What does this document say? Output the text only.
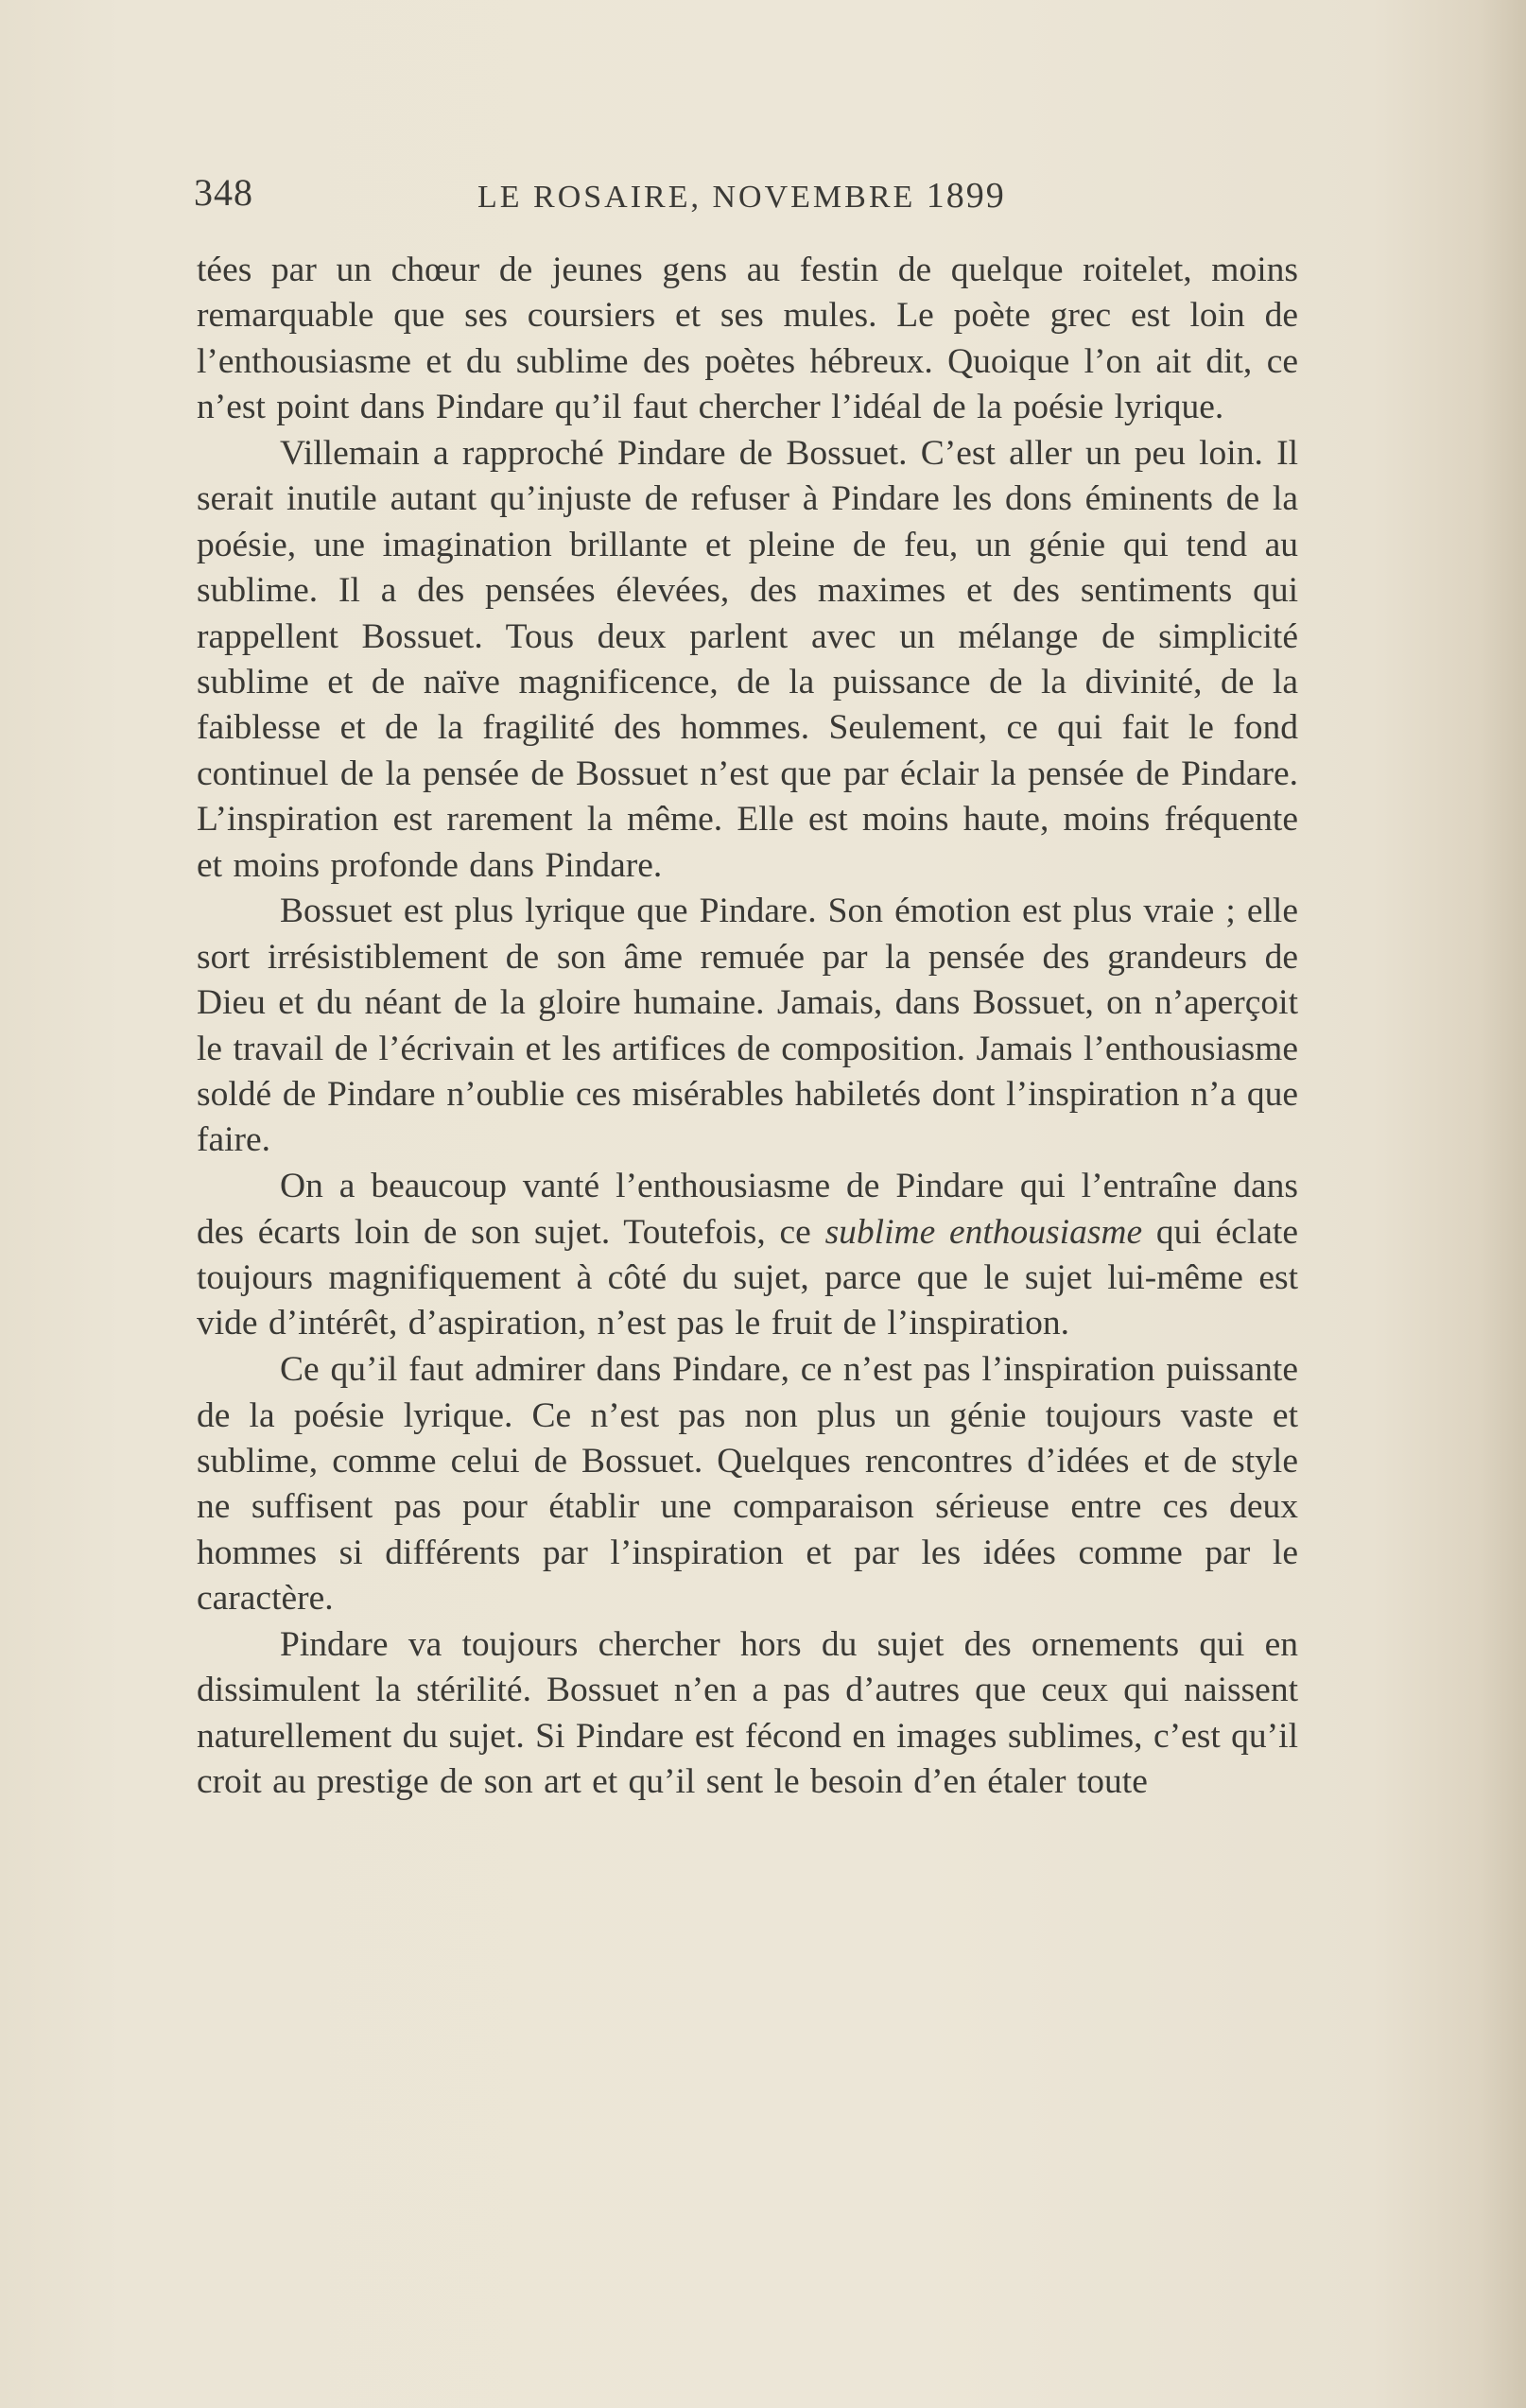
348	LE ROSAIRE, NOVEMBRE 1899

tées par un chœur de jeunes gens au festin de quelque roitelet, moins remarquable que ses coursiers et ses mules. Le poète grec est loin de l’enthousiasme et du sublime des poètes hébreux. Quoique l’on ait dit, ce n’est point dans Pindare qu’il faut chercher l’idéal de la poésie lyrique.

Villemain a rapproché Pindare de Bossuet. C’est aller un peu loin. Il serait inutile autant qu’injuste de refuser à Pindare les dons éminents de la poésie, une imagination brillante et pleine de feu, un génie qui tend au sublime. Il a des pensées élevées, des maximes et des sentiments qui rappellent Bossuet. Tous deux parlent avec un mélange de simplicité sublime et de naïve magnificence, de la puissance de la divinité, de la faiblesse et de la fragilité des hommes. Seulement, ce qui fait le fond continuel de la pensée de Bossuet n’est que par éclair la pensée de Pindare. L’inspiration est rarement la même. Elle est moins haute, moins fréquente et moins profonde dans Pindare.

Bossuet est plus lyrique que Pindare. Son émotion est plus vraie ; elle sort irrésistiblement de son âme remuée par la pensée des grandeurs de Dieu et du néant de la gloire humaine. Jamais, dans Bossuet, on n’aperçoit le travail de l’écrivain et les artifices de composition. Jamais l’enthousiasme soldé de Pindare n’oublie ces misérables habiletés dont l’inspiration n’a que faire.

On a beaucoup vanté l’enthousiasme de Pindare qui l’entraîne dans des écarts loin de son sujet. Toutefois, ce sublime enthousiasme qui éclate toujours magnifiquement à côté du sujet, parce que le sujet lui-même est vide d’intérêt, d’aspiration, n’est pas le fruit de l’inspiration.

Ce qu’il faut admirer dans Pindare, ce n’est pas l’inspiration puissante de la poésie lyrique. Ce n’est pas non plus un génie toujours vaste et sublime, comme celui de Bossuet. Quelques rencontres d’idées et de style ne suffisent pas pour établir une comparaison sérieuse entre ces deux hommes si différents par l’inspiration et par les idées comme par le caractère.

Pindare va toujours chercher hors du sujet des ornements qui en dissimulent la stérilité. Bossuet n’en a pas d’autres que ceux qui naissent naturellement du sujet. Si Pindare est fécond en images sublimes, c’est qu’il croit au prestige de son art et qu’il sent le besoin d’en étaler toute
